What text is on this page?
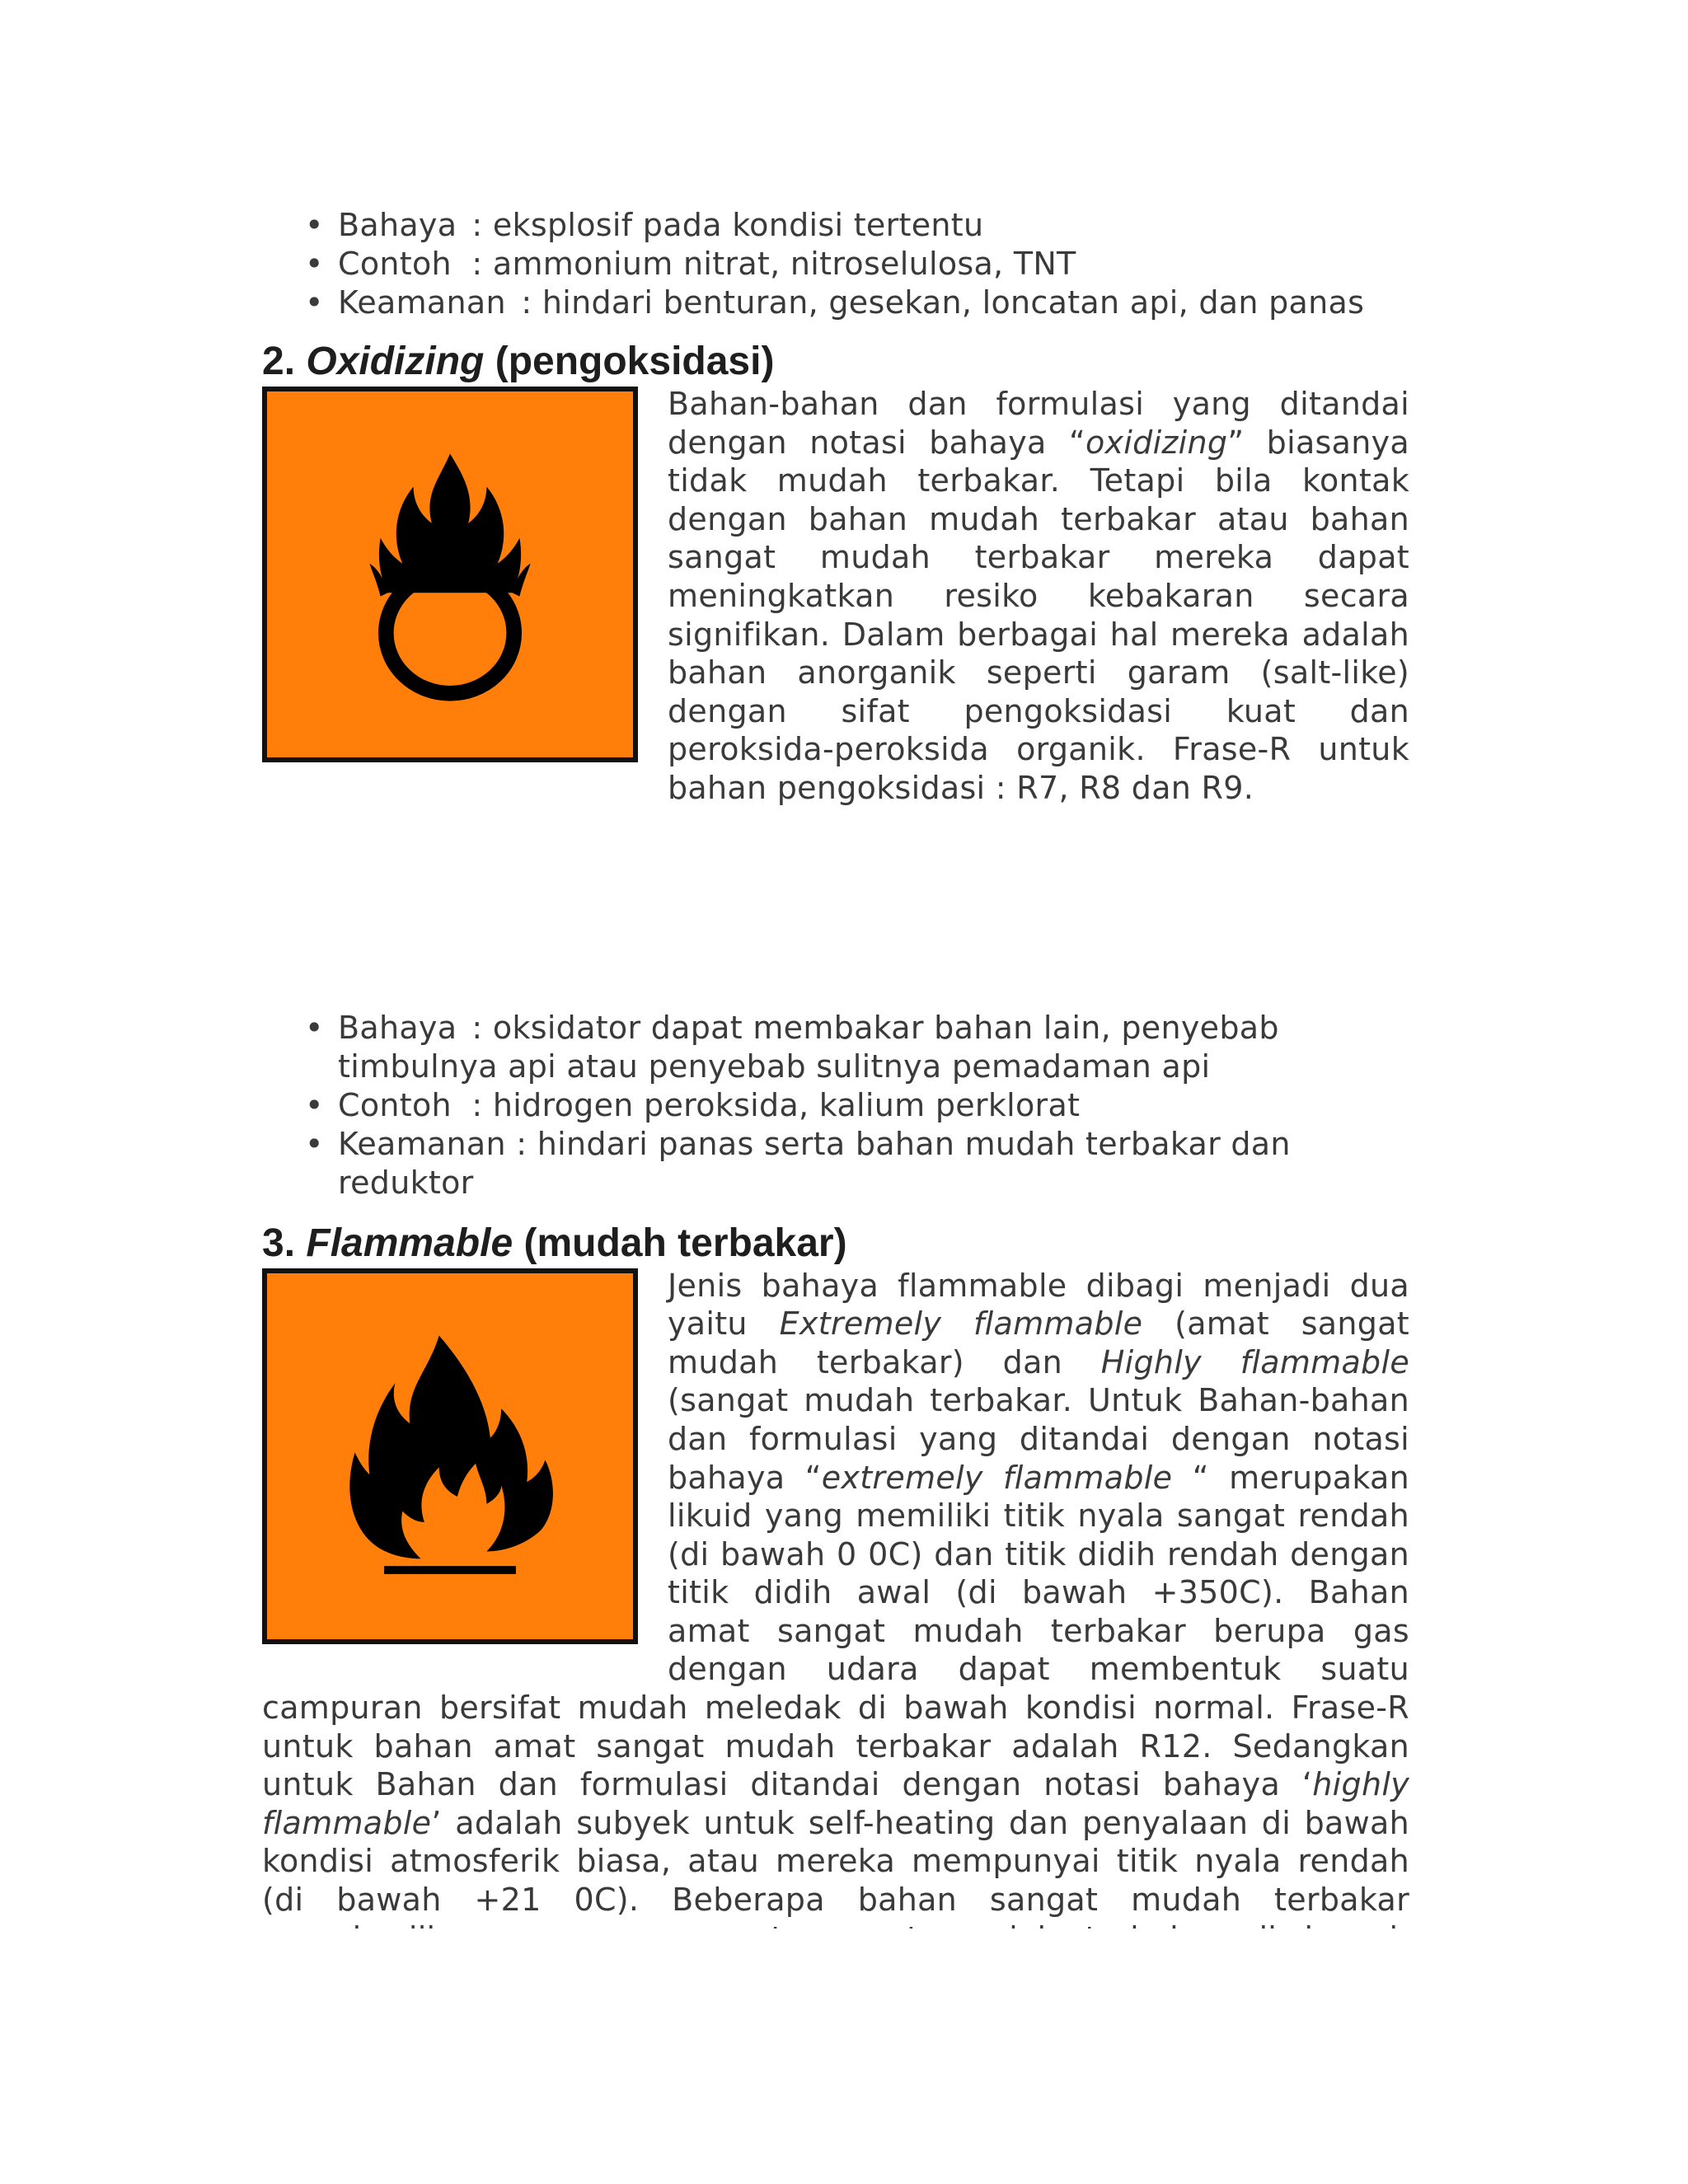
• Bahaya : eksplosif pada kondisi tertentu
• Contoh : ammonium nitrat, nitroselulosa, TNT
• Keamanan : hindari benturan, gesekan, loncatan api, dan panas
2. Oxidizing (pengoksidasi)

Bahan-bahan dan formulasi yang ditandai dengan notasi bahaya “oxidizing” biasanya tidak mudah terbakar. Tetapi bila kontak dengan bahan mudah terbakar atau bahan sangat mudah terbakar mereka dapat meningkatkan resiko kebakaran secara signifikan. Dalam berbagai hal mereka adalah bahan anorganik seperti garam (salt-like) dengan sifat pengoksidasi kuat dan peroksida-peroksida organik. Frase-R untuk bahan pengoksidasi : R7, R8 dan R9.

• Bahaya : oksidator dapat membakar bahan lain, penyebab timbulnya api atau penyebab sulitnya pemadaman api
• Contoh : hidrogen peroksida, kalium perklorat
• Keamanan : hindari panas serta bahan mudah terbakar dan reduktor
3. Flammable (mudah terbakar)

Jenis bahaya flammable dibagi menjadi dua yaitu Extremely flammable (amat sangat mudah terbakar) dan Highly flammable (sangat mudah terbakar. Untuk Bahan-bahan dan formulasi yang ditandai dengan notasi bahaya “extremely flammable “ merupakan likuid yang memiliki titik nyala sangat rendah (di bawah 0 0C) dan titik didih rendah dengan titik didih awal (di bawah +350C). Bahan amat sangat mudah terbakar berupa gas dengan udara dapat membentuk suatu campuran bersifat mudah meledak di bawah kondisi normal. Frase-R untuk bahan amat sangat mudah terbakar adalah R12. Sedangkan untuk Bahan dan formulasi ditandai dengan notasi bahaya ‘highly flammable’ adalah subyek untuk self-heating dan penyalaan di bawah kondisi atmosferik biasa, atau mereka mempunyai titik nyala rendah (di bawah +21 0C). Beberapa bahan sangat mudah terbakar
